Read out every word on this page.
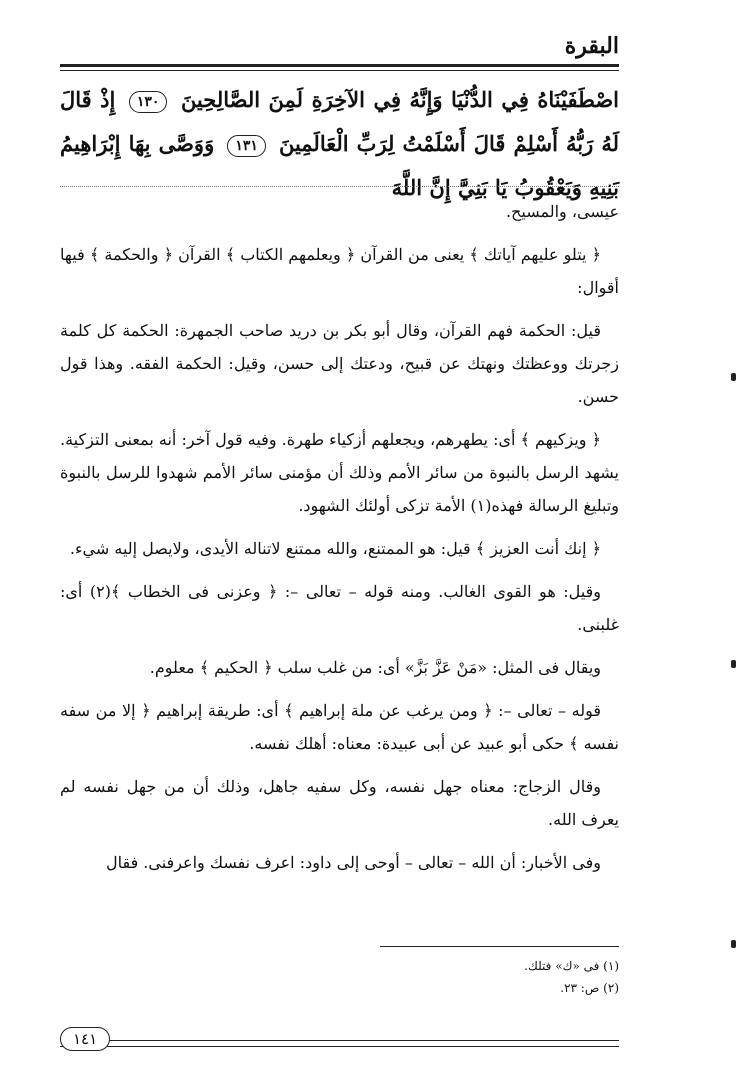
البقرة
اصْطَفَيْنَاهُ فِي الدُّنْيَا وَإِنَّهُ فِي الآخِرَةِ لَمِنَ الصَّالِحِينَ ١٣٠ إِذْ قَالَ لَهُ رَبُّهُ أَسْلِمْ قَالَ أَسْلَمْتُ لِرَبِّ الْعَالَمِينَ ١٣١ وَوَصَّى بِهَا إِبْرَاهِيمُ بَنِيهِ وَيَعْقُوبُ يَا بَنِيَّ إِنَّ اللَّهَ

عيسى، والمسيح.

﴿ يتلو عليهم آياتك ﴾ يعنى من القرآن ﴿ ويعلمهم الكتاب ﴾ القرآن ﴿ والحكمة ﴾ فيها أقوال:

قيل: الحكمة فهم القرآن، وقال أبو بكر بن دريد صاحب الجمهرة: الحكمة كل كلمة زجرتك ووعظتك ونهتك عن قبيح، ودعتك إلى حسن، وقيل: الحكمة الفقه. وهذا قول حسن.

﴿ ويزكيهم ﴾ أى: يطهرهم، ويجعلهم أزكياء طهرة. وفيه قول آخر: أنه بمعنى التزكية. يشهد الرسل بالنبوة من سائر الأمم وذلك أن مؤمنى سائر الأمم شهدوا للرسل بالنبوة وتبليغ الرسالة فهذه(١) الأمة تزكى أولئك الشهود.

﴿ إنك أنت العزيز ﴾ قيل: هو الممتنع، والله ممتنع لاتناله الأيدى، ولايصل إليه شيء.

وقيل: هو القوى الغالب. ومنه قوله – تعالى –: ﴿ وعزنى فى الخطاب ﴾(٢) أى: غلبنى.

ويقال فى المثل: «مَنْ عَزَّ بَزَّ» أى: من غلب سلب ﴿ الحكيم ﴾ معلوم.

قوله – تعالى –: ﴿ ومن يرغب عن ملة إبراهيم ﴾ أى: طريقة إبراهيم ﴿ إلا من سفه نفسه ﴾ حكى أبو عبيد عن أبى عبيدة: معناه: أهلك نفسه.

وقال الزجاج: معناه جهل نفسه، وكل سفيه جاهل، وذلك أن من جهل نفسه لم يعرف الله.

وفى الأخبار: أن الله – تعالى – أوحى إلى داود: اعرف نفسك واعرفنى. فقال

(١) فى «ك» فتلك.

(٢) ص: ٢٣.

١٤١
